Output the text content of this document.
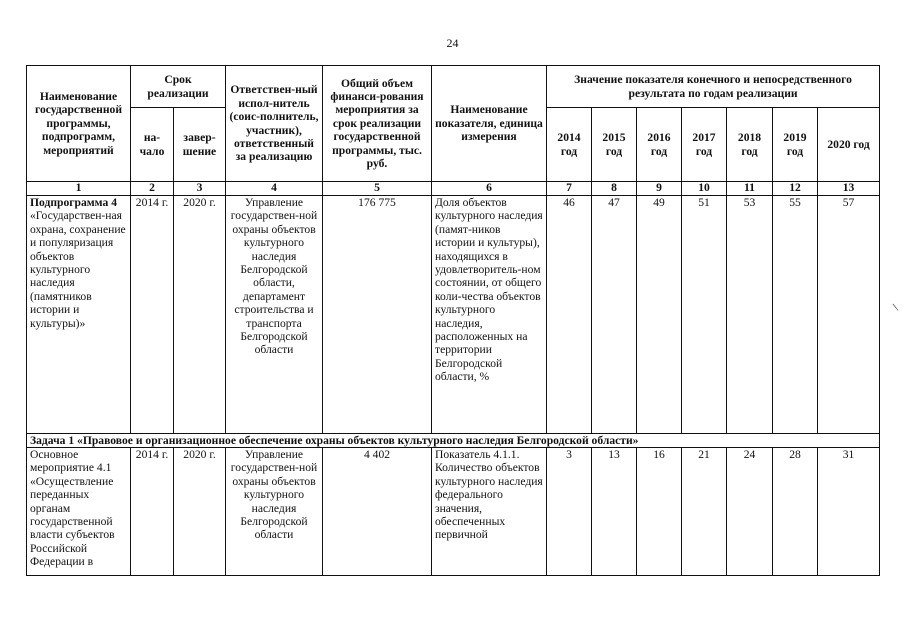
24
\
Наименование государственной программы, подпрограмм, мероприятий	Срок реализации		Ответствен-ный испол-нитель (соис-полнитель, участник), ответственный за реализацию	Общий объем финанси-рования мероприятия за срок реализации государственной программы, тыс. руб.	Наименование показателя, единица измерения	Значение показателя конечного и непосредственного результата по годам реализации						
	на-чало	завер-шение				2014 год	2015 год	2016 год	2017 год	2018 год	2019 год	2020 год
1	2	3	4	5	6	7	8	9	10	11	12	13
Подпрограмма 4
«Государствен-ная охрана, сохранение и популяризация объектов культурного наследия (памятников истории и культуры)»	2014 г.	2020 г.	Управление государствен-ной охраны объектов культурного наследия Белгородской области, департамент строительства и транспорта Белгородской области	176 775	Доля объектов культурного наследия (памят-ников истории и культуры), находящихся в удовлетворитель-ном состоянии, от общего коли-чества объектов культурного наследия, расположенных на территории Белгородской области, %	46	47	49	51	53	55	57
Задача 1 «Правовое и организационное обеспечение охраны объектов культурного наследия Белгородской области»												
Основное мероприятие 4.1 «Осуществление переданных органам государственной власти субъектов Российской Федерации в	2014 г.	2020 г.	Управление государствен-ной охраны объектов культурного наследия Белгородской области	4 402	Показатель 4.1.1. Количество объектов культурного наследия федерального значения, обеспеченных первичной	3	13	16	21	24	28	31
